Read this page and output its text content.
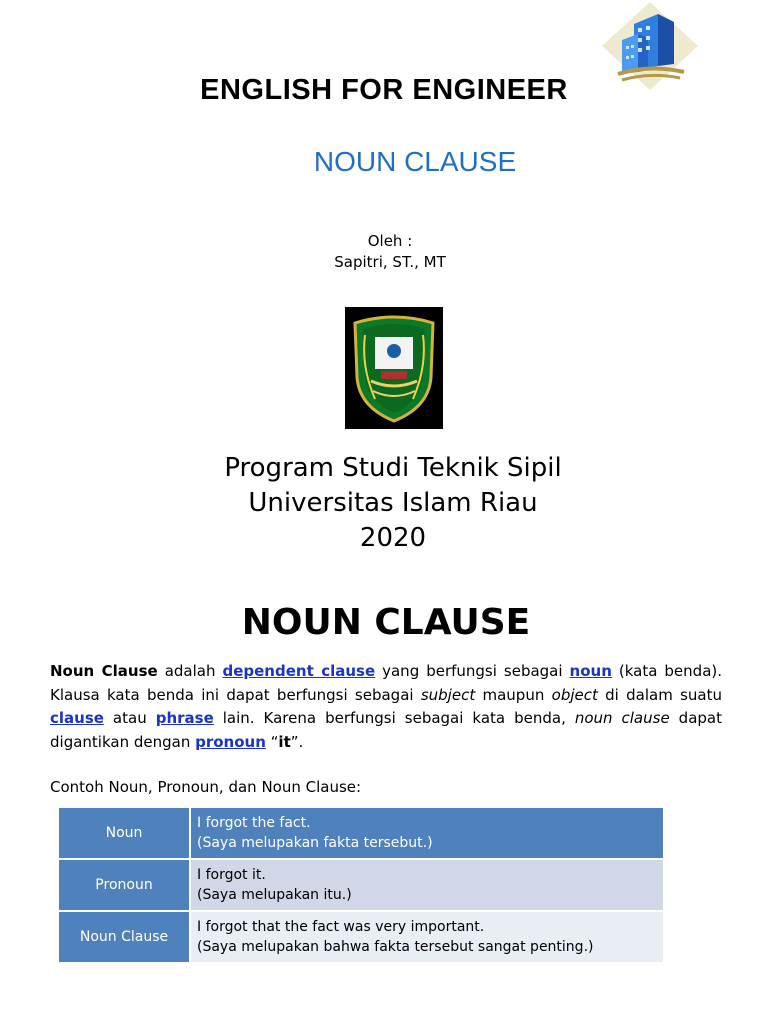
ENGLISH FOR ENGINEER
NOUN CLAUSE
Oleh :
Sapitri, ST., MT
Program Studi Teknik Sipil
Universitas Islam Riau
2020
NOUN CLAUSE
Noun Clause adalah dependent clause yang berfungsi sebagai noun (kata benda). Klausa kata benda ini dapat berfungsi sebagai subject maupun object di dalam suatu clause atau phrase lain. Karena berfungsi sebagai kata benda, noun clause dapat digantikan dengan pronoun “it”.
Contoh Noun, Pronoun, dan Noun Clause:
Noun	I forgot the fact.
(Saya melupakan fakta tersebut.)

Pronoun	I forgot it.
(Saya melupakan itu.)

Noun Clause	I forgot that the fact was very important.
(Saya melupakan bahwa fakta tersebut sangat penting.)
